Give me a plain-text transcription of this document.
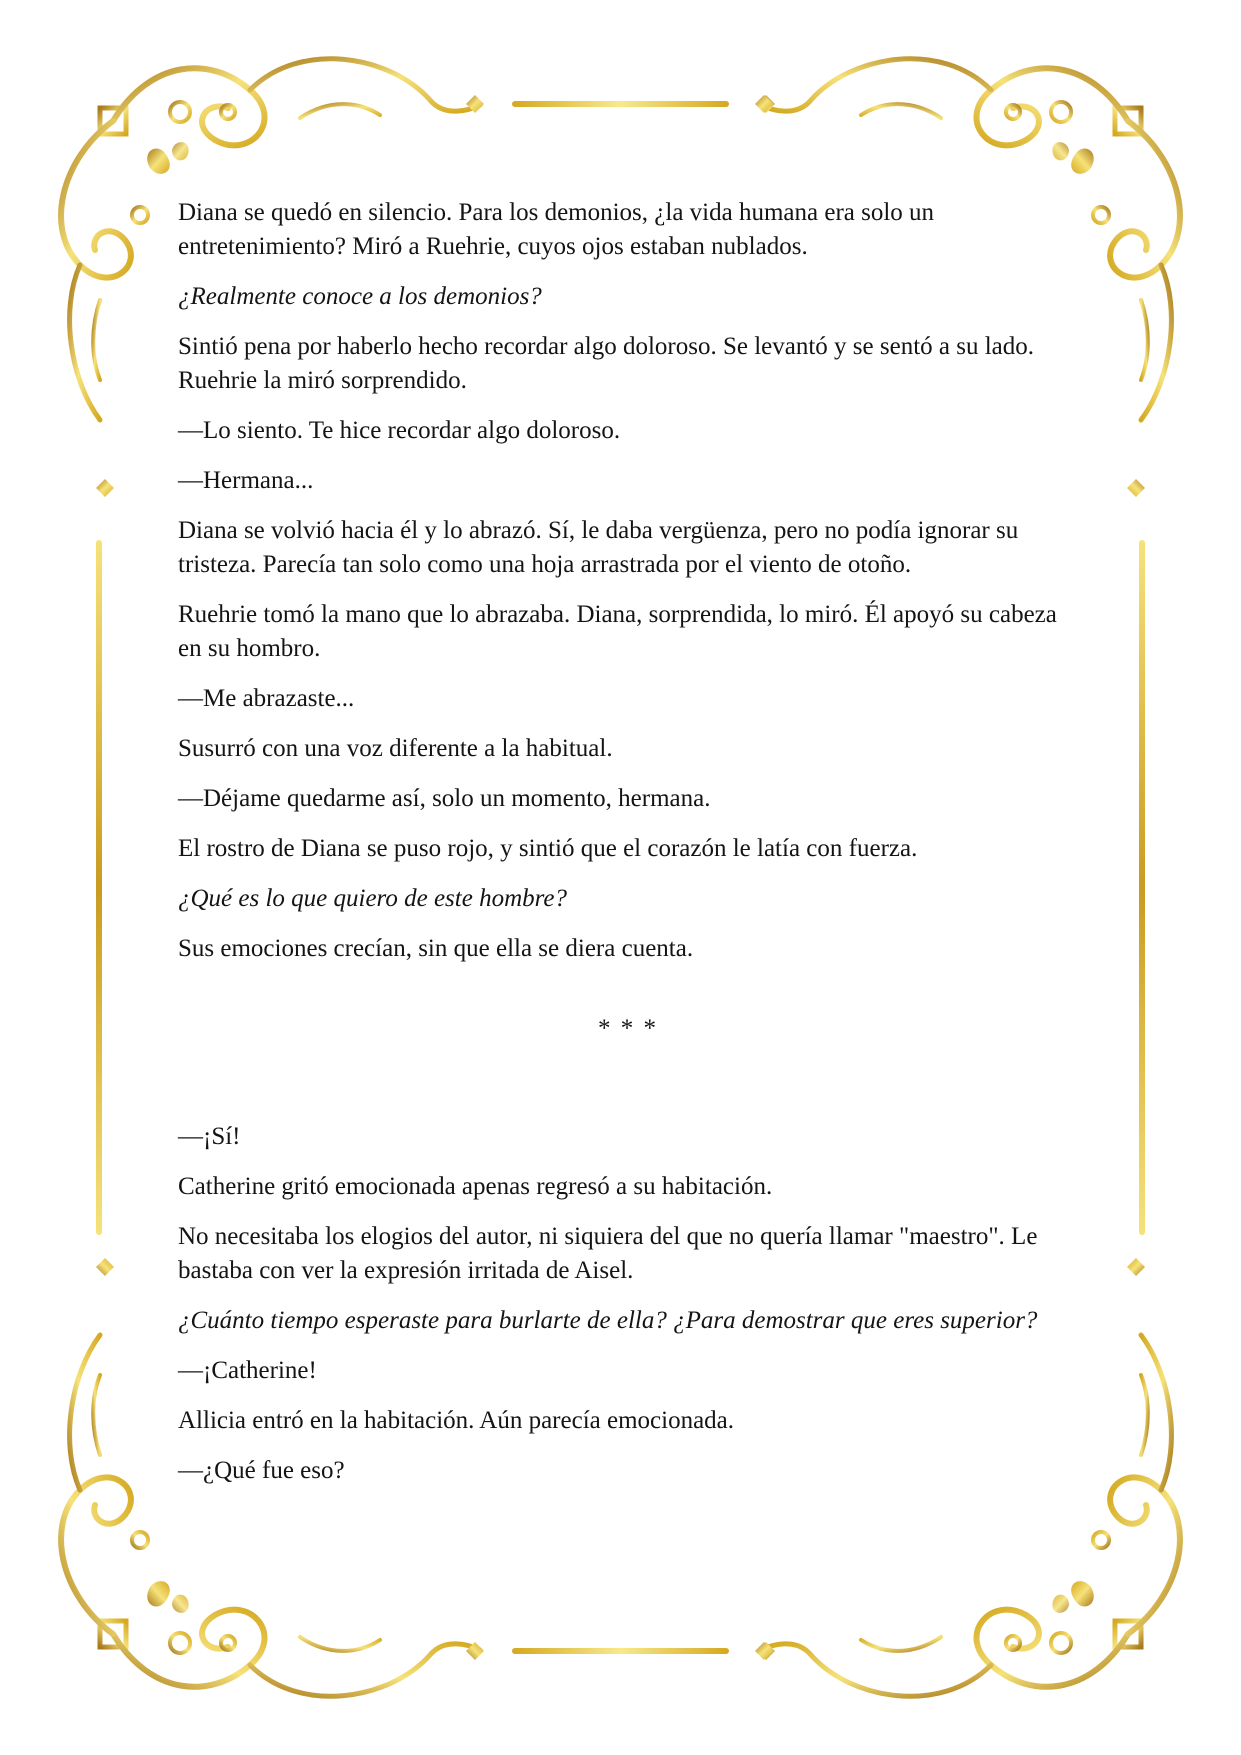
Diana se quedó en silencio. Para los demonios, ¿la vida humana era solo un entretenimiento? Miró a Ruehrie, cuyos ojos estaban nublados.

¿Realmente conoce a los demonios?

Sintió pena por haberlo hecho recordar algo doloroso. Se levantó y se sentó a su lado. Ruehrie la miró sorprendido.

—Lo siento. Te hice recordar algo doloroso.

—Hermana...

Diana se volvió hacia él y lo abrazó. Sí, le daba vergüenza, pero no podía ignorar su tristeza. Parecía tan solo como una hoja arrastrada por el viento de otoño.

Ruehrie tomó la mano que lo abrazaba. Diana, sorprendida, lo miró. Él apoyó su cabeza en su hombro.

—Me abrazaste...

Susurró con una voz diferente a la habitual.

—Déjame quedarme así, solo un momento, hermana.

El rostro de Diana se puso rojo, y sintió que el corazón le latía con fuerza.

¿Qué es lo que quiero de este hombre?

Sus emociones crecían, sin que ella se diera cuenta.

* * *

—¡Sí!

Catherine gritó emocionada apenas regresó a su habitación.

No necesitaba los elogios del autor, ni siquiera del que no quería llamar "maestro". Le bastaba con ver la expresión irritada de Aisel.

¿Cuánto tiempo esperaste para burlarte de ella? ¿Para demostrar que eres superior?

—¡Catherine!

Allicia entró en la habitación. Aún parecía emocionada.

—¿Qué fue eso?
